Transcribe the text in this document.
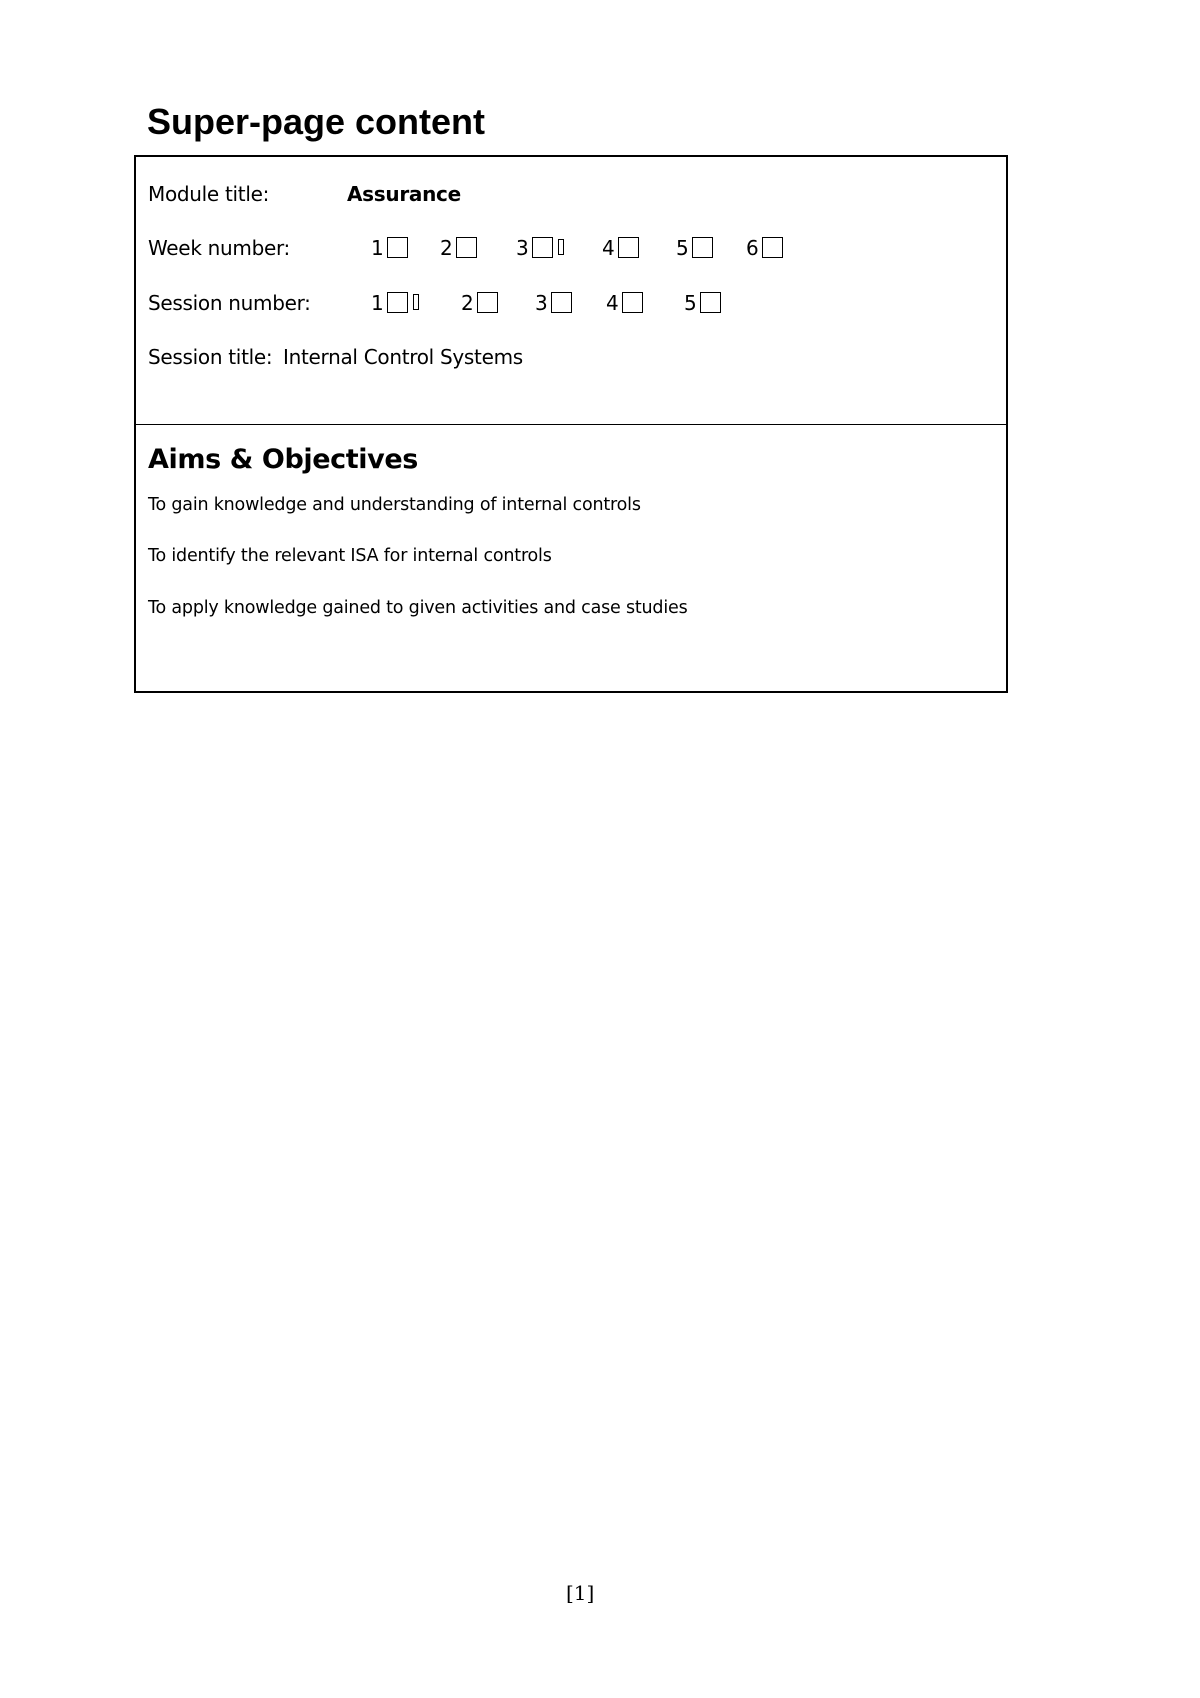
Super-page content
Module title:	Assurance
Week number:	1	2	3	4	5	6
Session number:	1	2	3	4	5
Session title: Internal Control Systems
Aims & Objectives
To gain knowledge and understanding of internal controls
To identify the relevant ISA for internal controls
To apply knowledge gained to given activities and case studies
[1]
